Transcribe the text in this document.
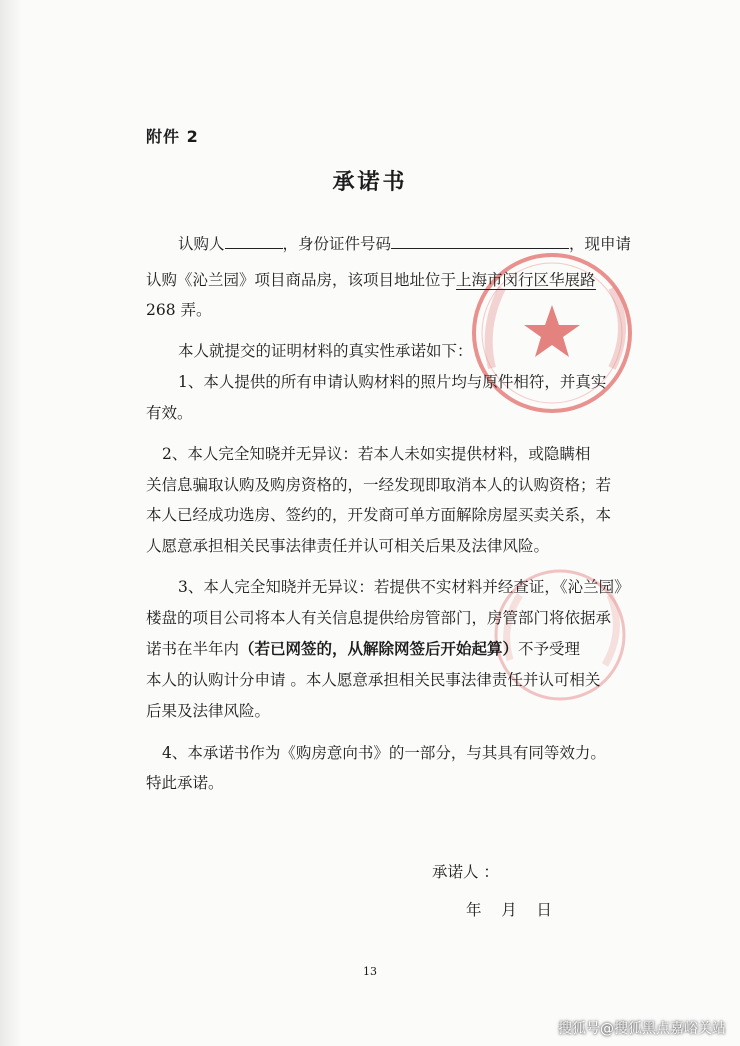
附件 2
承诺书
认购人	，身份证件号码	，现申请
认购《沁兰园》项目商品房，该项目地址位于上海市闵行区华展路
268 弄。
本人就提交的证明材料的真实性承诺如下：
1、本人提供的所有申请认购材料的照片均与原件相符，并真实
有效。
2、本人完全知晓并无异议：若本人未如实提供材料，或隐瞒相
关信息骗取认购及购房资格的，一经发现即取消本人的认购资格；若
本人已经成功选房、签约的，开发商可单方面解除房屋买卖关系，本
人愿意承担相关民事法律责任并认可相关后果及法律风险。
3、本人完全知晓并无异议：若提供不实材料并经查证，《沁兰园》
楼盘的项目公司将本人有关信息提供给房管部门，房管部门将依据承
诺书在半年内（若已网签的，从解除网签后开始起算）不予受理
本人的认购计分申请 。本人愿意承担相关民事法律责任并认可相关
后果及法律风险。
4、本承诺书作为《购房意向书》的一部分，与其具有同等效力。
特此承诺。
承诺人 ：
年    月    日
13
搜狐号@搜狐黑点嘉峪关站
